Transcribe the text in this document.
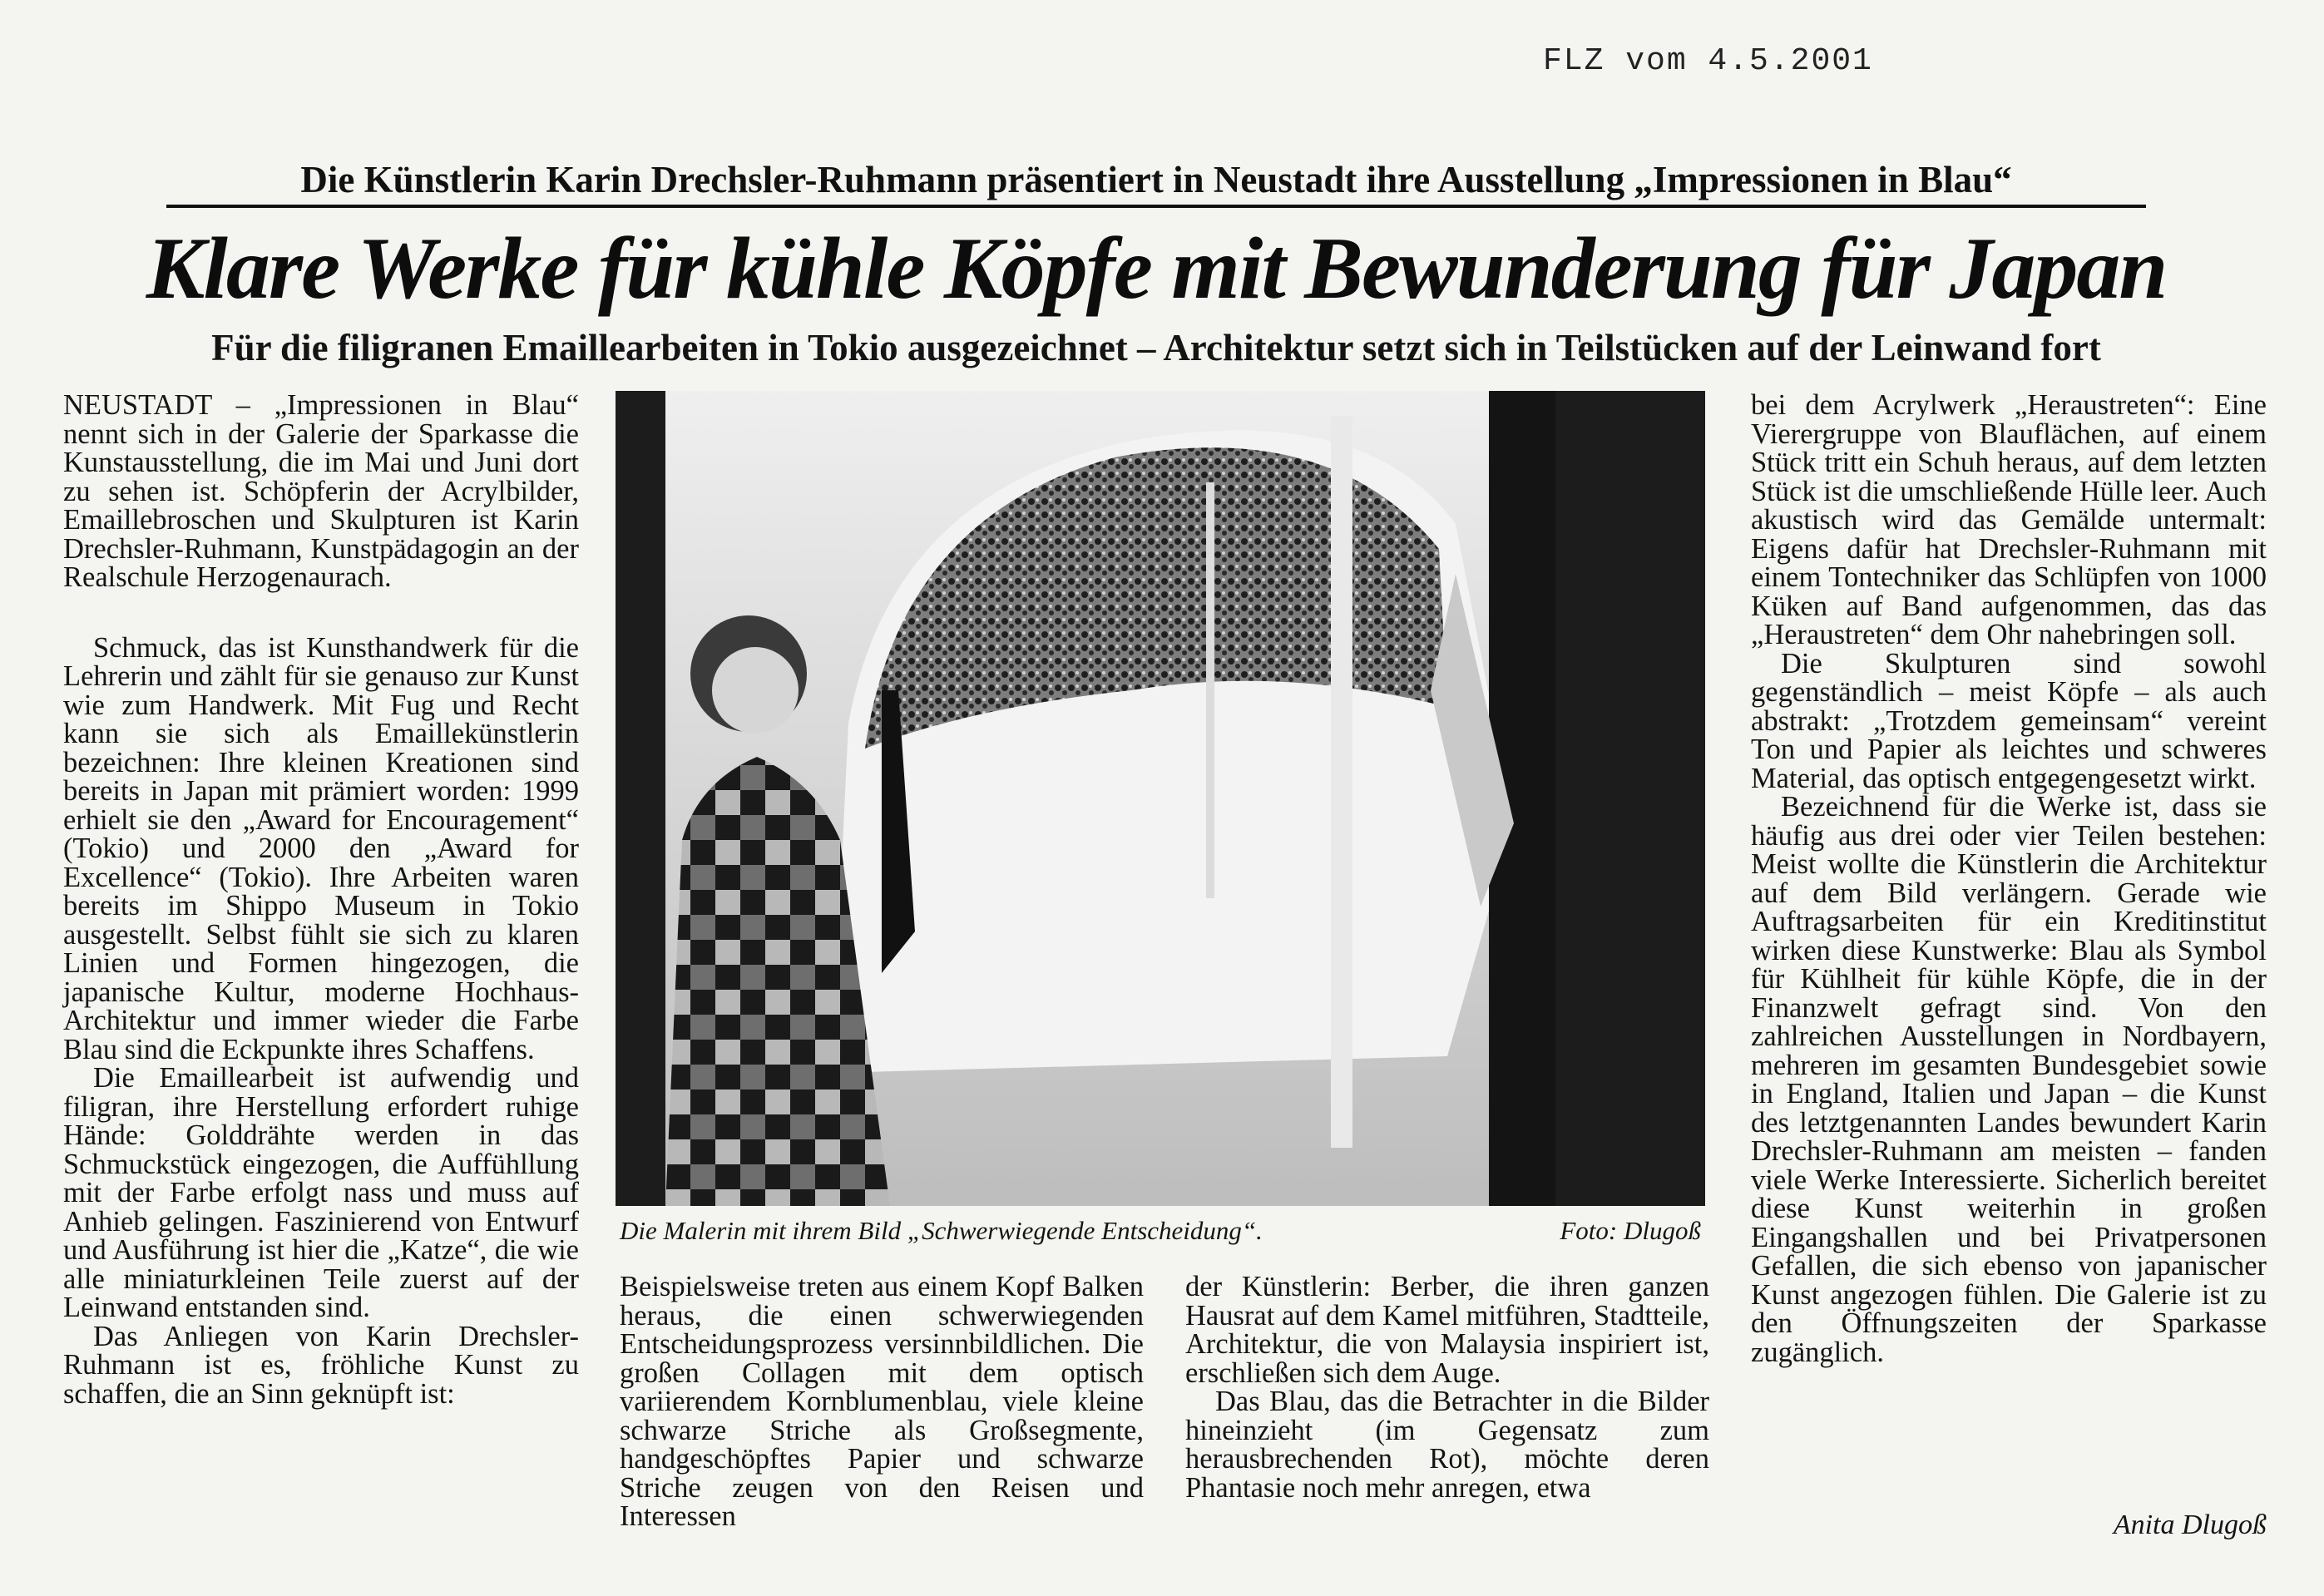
FLZ vom 4.5.2001
Die Künstlerin Karin Drechsler-Ruhmann präsentiert in Neustadt ihre Ausstellung „Impressionen in Blau“
Klare Werke für kühle Köpfe mit Bewunderung für Japan
Für die filigranen Emaillearbeiten in Tokio ausgezeichnet – Architektur setzt sich in Teilstücken auf der Leinwand fort

NEUSTADT – „Impressionen in Blau“ nennt sich in der Galerie der Sparkasse die Kunstausstellung, die im Mai und Juni dort zu sehen ist. Schöpferin der Acrylbilder, Emaillebroschen und Skulpturen ist Karin Drechsler-Ruhmann, Kunstpädagogin an der Realschule Herzogenaurach.

Schmuck, das ist Kunsthandwerk für die Lehrerin und zählt für sie genauso zur Kunst wie zum Handwerk. Mit Fug und Recht kann sie sich als Emaillekünstlerin bezeichnen: Ihre kleinen Kreationen sind bereits in Japan mit prämiert worden: 1999 erhielt sie den „Award for Encouragement“ (Tokio) und 2000 den „Award for Excellence“ (Tokio). Ihre Arbeiten waren bereits im Shippo Museum in Tokio ausgestellt. Selbst fühlt sie sich zu klaren Linien und Formen hingezogen, die japanische Kultur, moderne Hochhaus-Architektur und immer wieder die Farbe Blau sind die Eckpunkte ihres Schaffens.

Die Emaillearbeit ist aufwendig und filigran, ihre Herstellung erfordert ruhige Hände: Golddrähte werden in das Schmuckstück eingezogen, die Auffühllung mit der Farbe erfolgt nass und muss auf Anhieb gelingen. Faszinierend von Entwurf und Ausführung ist hier die „Katze“, die wie alle miniaturkleinen Teile zuerst auf der Leinwand entstanden sind.

Das Anliegen von Karin Drechsler-Ruhmann ist es, fröhliche Kunst zu schaffen, die an Sinn geknüpft ist:

Die Malerin mit ihrem Bild „Schwerwiegende Entscheidung“.	Foto: Dlugoß

Beispielsweise treten aus einem Kopf Balken heraus, die einen schwerwiegenden Entscheidungsprozess versinnbildlichen. Die großen Collagen mit dem optisch variierendem Kornblumenblau, viele kleine schwarze Striche als Großsegmente, handgeschöpftes Papier und schwarze Striche zeugen von den Reisen und Interessen

der Künstlerin: Berber, die ihren ganzen Hausrat auf dem Kamel mitführen, Stadtteile, Architektur, die von Malaysia inspiriert ist, erschließen sich dem Auge.

Das Blau, das die Betrachter in die Bilder hineinzieht (im Gegensatz zum herausbrechenden Rot), möchte deren Phantasie noch mehr anregen, etwa

bei dem Acrylwerk „Heraustreten“: Eine Vierergruppe von Blauflächen, auf einem Stück tritt ein Schuh heraus, auf dem letzten Stück ist die umschließende Hülle leer. Auch akustisch wird das Gemälde untermalt: Eigens dafür hat Drechsler-Ruhmann mit einem Tontechniker das Schlüpfen von 1000 Küken auf Band aufgenommen, das das „Heraustreten“ dem Ohr nahebringen soll.

Die Skulpturen sind sowohl gegenständlich – meist Köpfe – als auch abstrakt: „Trotzdem gemeinsam“ vereint Ton und Papier als leichtes und schweres Material, das optisch entgegengesetzt wirkt.

Bezeichnend für die Werke ist, dass sie häufig aus drei oder vier Teilen bestehen: Meist wollte die Künstlerin die Architektur auf dem Bild verlängern. Gerade wie Auftragsarbeiten für ein Kreditinstitut wirken diese Kunstwerke: Blau als Symbol für Kühlheit für kühle Köpfe, die in der Finanzwelt gefragt sind. Von den zahlreichen Ausstellungen in Nordbayern, mehreren im gesamten Bundesgebiet sowie in England, Italien und Japan – die Kunst des letztgenannten Landes bewundert Karin Drechsler-Ruhmann am meisten – fanden viele Werke Interessierte. Sicherlich bereitet diese Kunst weiterhin in großen Eingangshallen und bei Privatpersonen Gefallen, die sich ebenso von japanischer Kunst angezogen fühlen. Die Galerie ist zu den Öffnungszeiten der Sparkasse zugänglich.

Anita Dlugoß
